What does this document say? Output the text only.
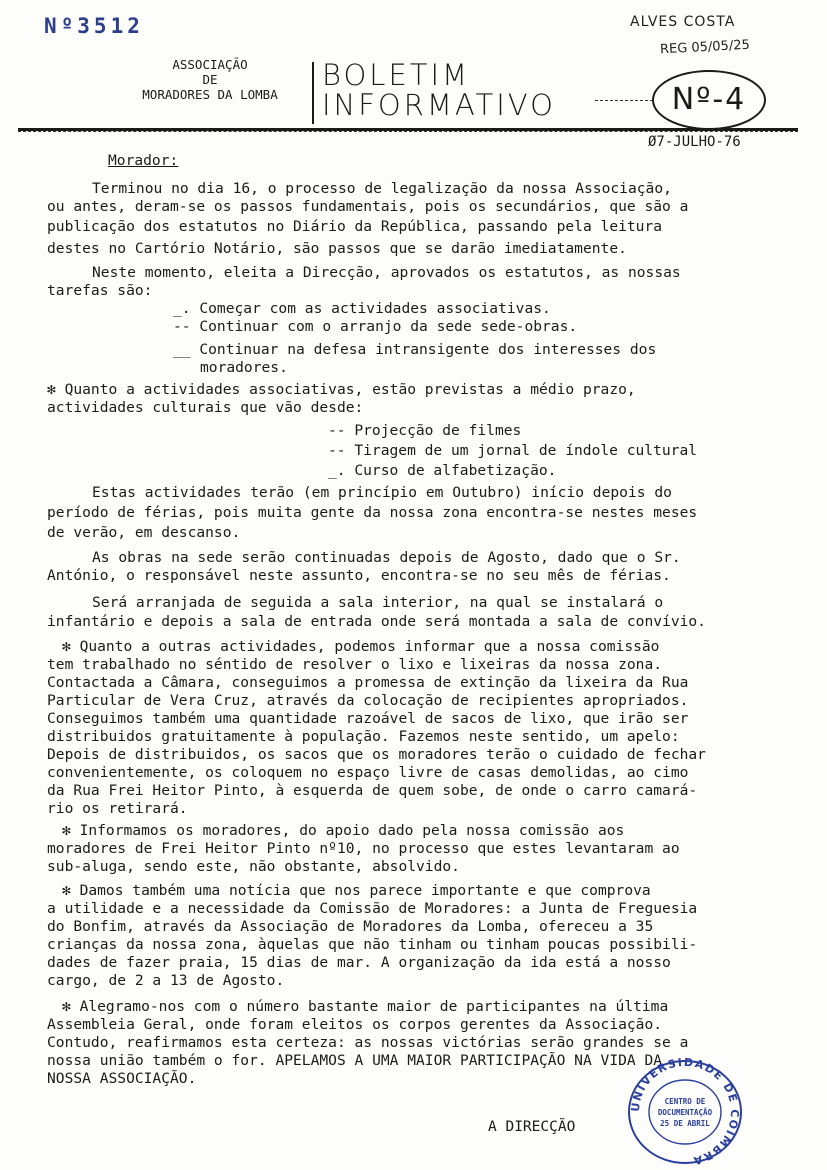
Nº3512	ALVES COSTA
REG 05/05/25
ASSOCIAÇÃO
DE
MORADORES DA LOMBA
BOLETIM
INFORMATIVO	Nº-4
Ø7-JULHO-76
Morador:
Terminou no dia 16, o processo de legalização da nossa Associação,
ou antes, deram-se os passos fundamentais, pois os secundários, que são a
publicação dos estatutos no Diário da República, passando pela leitura
destes no Cartório Notário, são passos que se darão imediatamente.
Neste momento, eleita a Direcção, aprovados os estatutos, as nossas
tarefas são:
_. Começar com as actividades associativas.
-- Continuar com o arranjo da sede sede-obras.
__ Continuar na defesa intransigente dos interesses dos
moradores.
✻ Quanto a actividades associativas, estão previstas a médio prazo,
actividades culturais que vão desde:
-- Projecção de filmes
-- Tiragem de um jornal de índole cultural
_. Curso de alfabetização.
Estas actividades terão (em princípio em Outubro) início depois do
período de férias, pois muita gente da nossa zona encontra-se nestes meses
de verão, em descanso.
As obras na sede serão continuadas depois de Agosto, dado que o Sr.
António, o responsável neste assunto, encontra-se no seu mês de férias.
Será arranjada de seguida a sala interior, na qual se instalará o
infantário e depois a sala de entrada onde será montada a sala de convívio.
✻ Quanto a outras actividades, podemos informar que a nossa comissão
tem trabalhado no séntido de resolver o lixo e lixeiras da nossa zona.
Contactada a Câmara, conseguimos a promessa de extinção da lixeira da Rua
Particular de Vera Cruz, através da colocação de recipientes apropriados.
Conseguimos também uma quantidade razoável de sacos de lixo, que irão ser
distribuidos gratuitamente à população. Fazemos neste sentido, um apelo:
Depois de distribuidos, os sacos que os moradores terão o cuidado de fechar
convenientemente, os coloquem no espaço livre de casas demolidas, ao cimo
da Rua Frei Heitor Pinto, à esquerda de quem sobe, de onde o carro camará-
rio os retirará.
✻ Informamos os moradores, do apoio dado pela nossa comissão aos
moradores de Frei Heitor Pinto nº10, no processo que estes levantaram ao
sub-aluga, sendo este, não obstante, absolvido.
✻ Damos também uma notícia que nos parece importante e que comprova
a utilidade e a necessidade da Comissão de Moradores: a Junta de Freguesia
do Bonfim, através da Associação de Moradores da Lomba, ofereceu a 35
crianças da nossa zona, àquelas que não tinham ou tinham poucas possibili-
dades de fazer praia, 15 dias de mar. A organização da ida está a nosso
cargo, de 2 a 13 de Agosto.
✻ Alegramo-nos com o número bastante maior de participantes na última
Assembleia Geral, onde foram eleitos os corpos gerentes da Associação.
Contudo, reafirmamos esta certeza: as nossas victórias serão grandes se a
nossa união também o for. APELAMOS A UMA MAIOR PARTICIPAÇÃO NA VIDA DA
NOSSA ASSOCIAÇÃO.
A DIRECÇÃO
UNIVERSIDADE DE COIMBRA
CENTRO DE
DOCUMENTAÇÃO
25 DE ABRIL
